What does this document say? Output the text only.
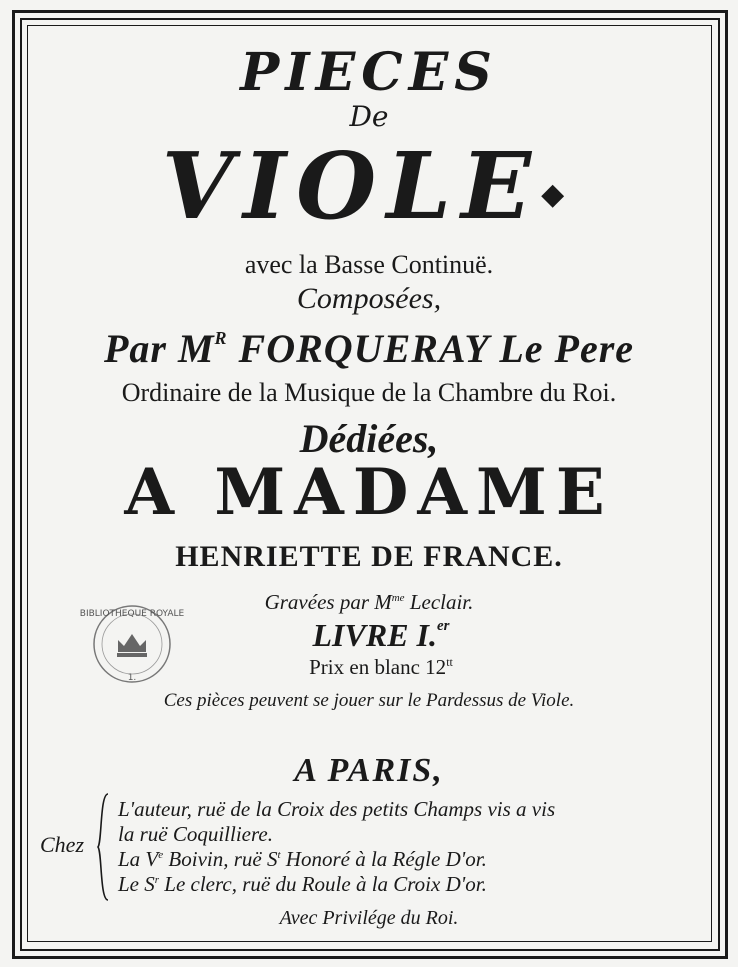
PIECES
De
VIOLE◆
avec la Basse Continuë.
Composées,
Par $M^R$ FORQUERAY Le Pere
Ordinaire de la Musique de la Chambre du Roi.
Dédiées,
A MADAME
HENRIETTE DE FRANCE.
Gravées par $M^{me}$ Leclair.
BIBLIOTHEQUE ROYALE
1.
LIVRE I.$^{er}$
Prix en blanc $12^{tt}$
Ces pièces peuvent se jouer sur le Pardessus de Viole.
A PARIS,
Chez
L'auteur, ruë de la Croix des petits Champs vis a vis
la ruë Coquilliere.
La Ve Boivin, ruë $S^t$ Honoré à la Régle D'or.
Le $S^r$ Le clerc, ruë du Roule à la Croix D'or.
Avec Privilége du Roi.
